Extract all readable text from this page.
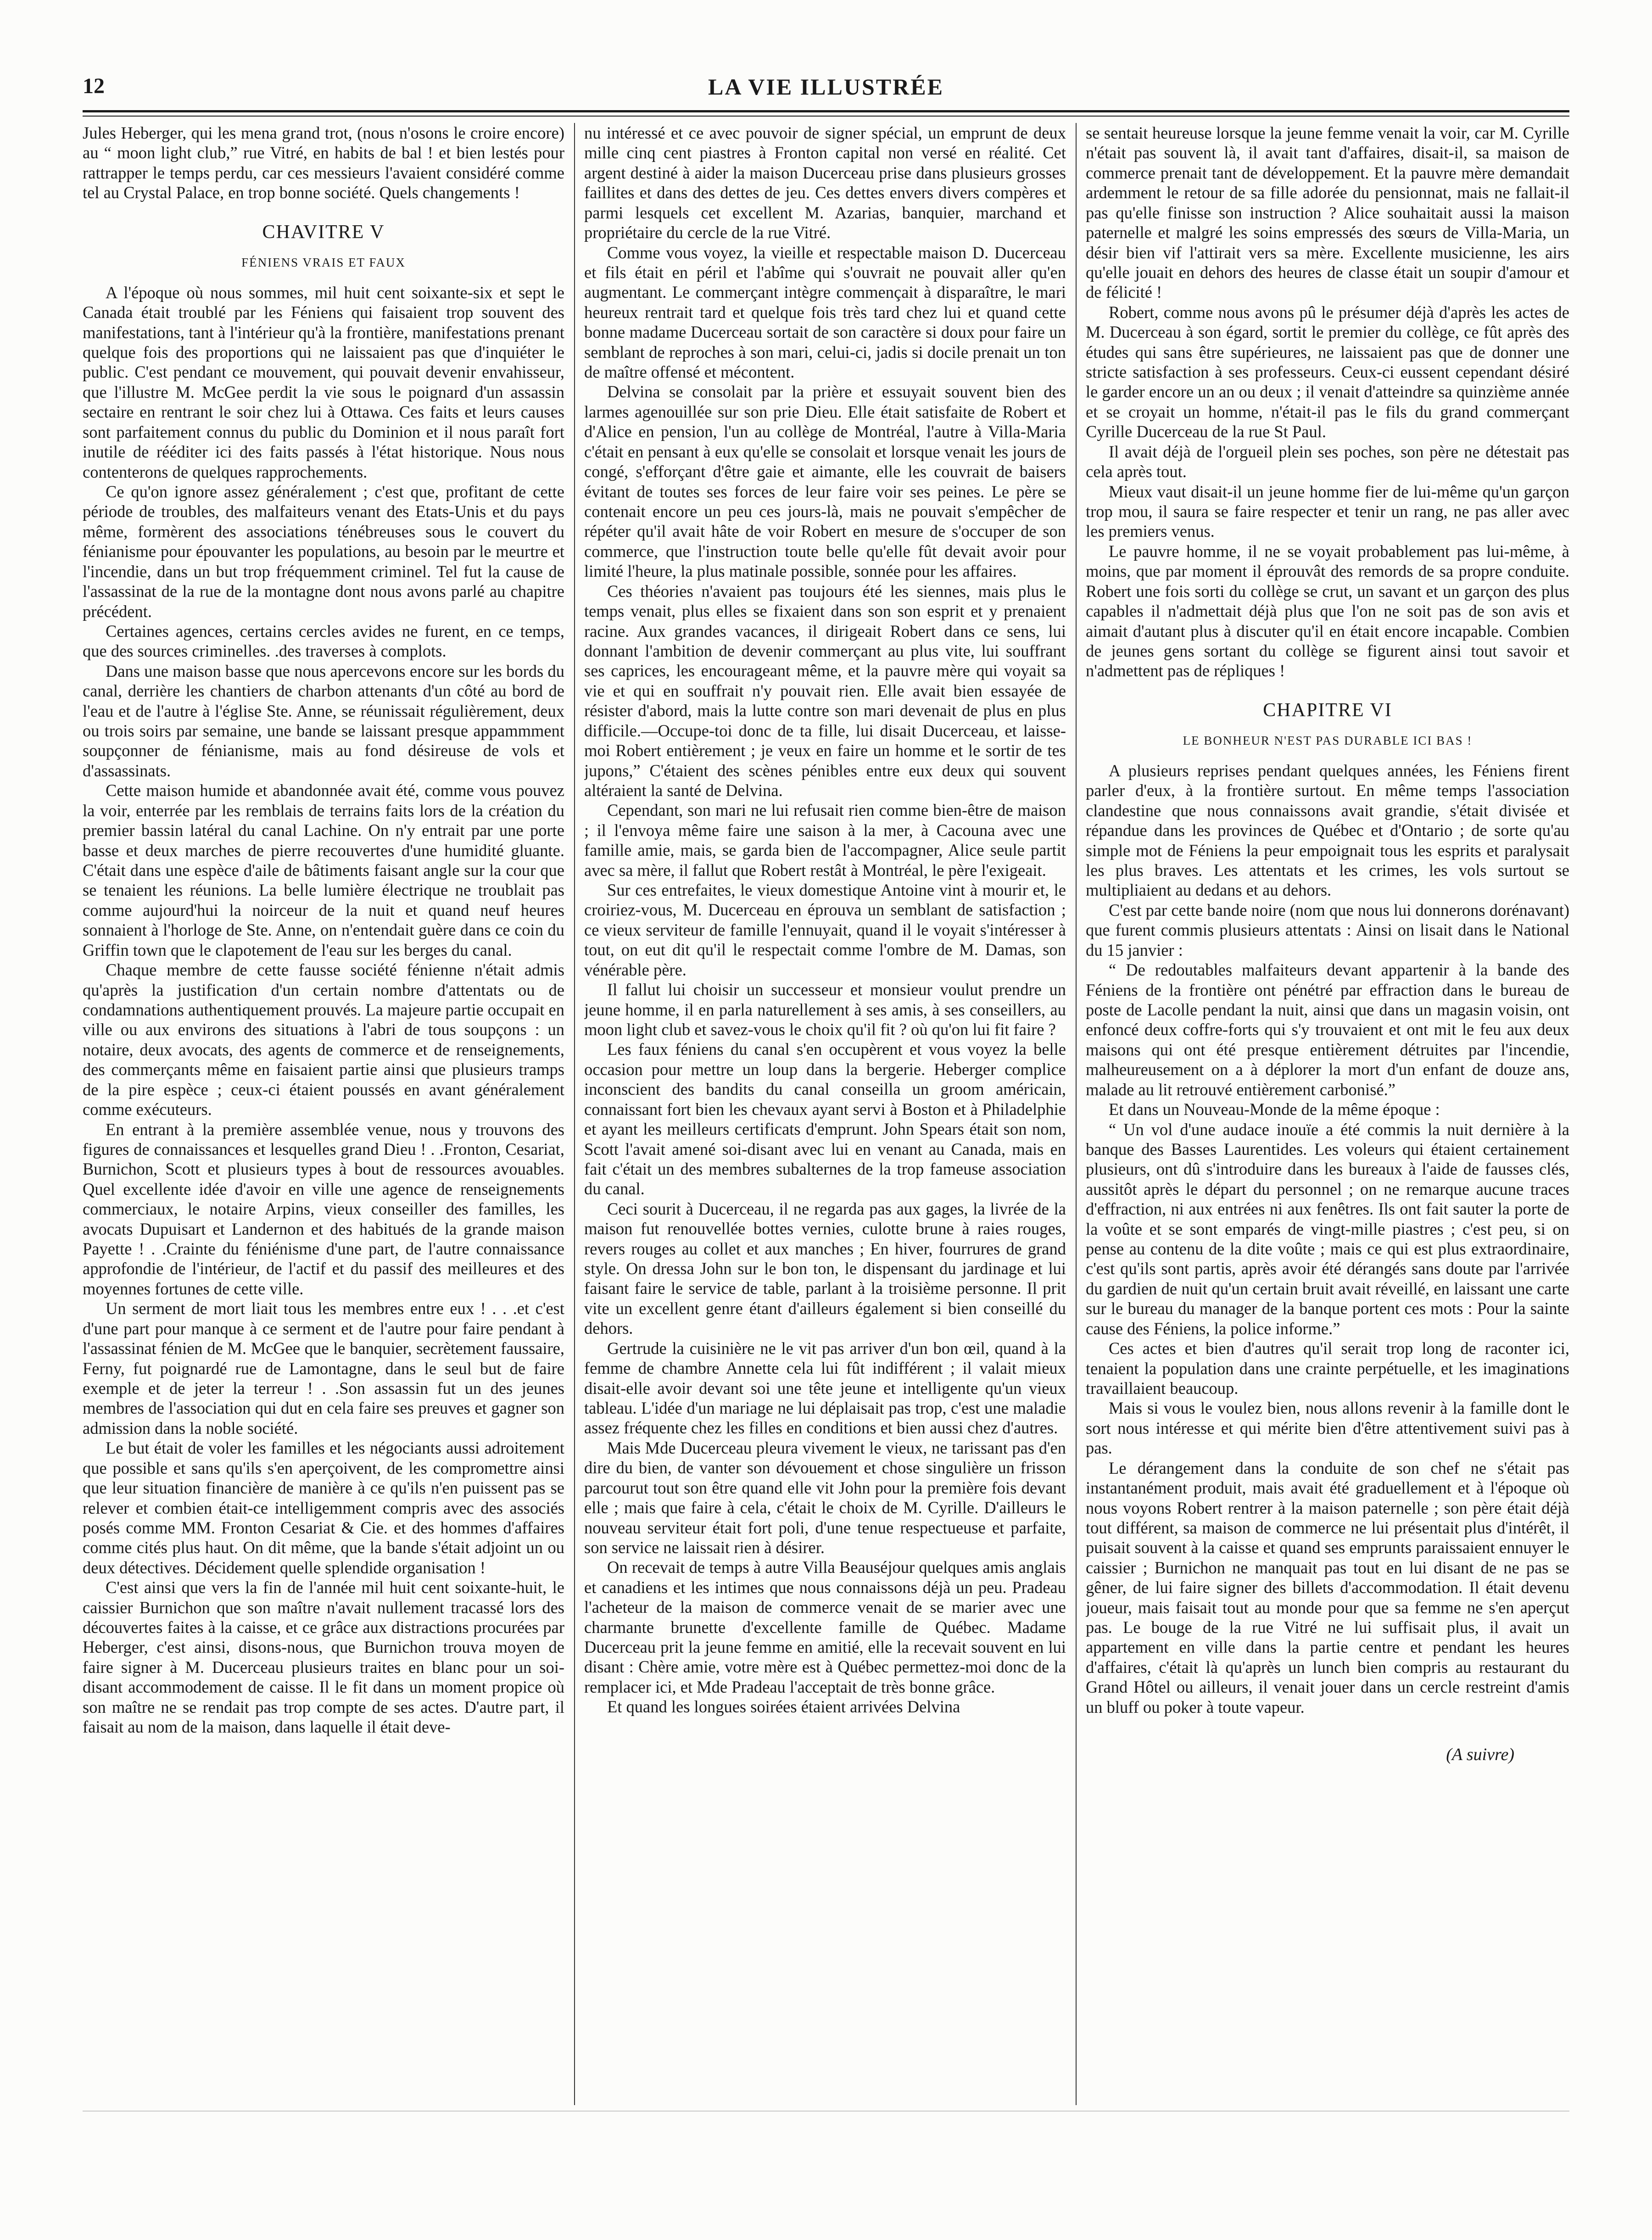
12	LA VIE ILLUSTRÉE

Jules Heberger, qui les mena grand trot, (nous n'osons le croire encore) au “ moon light club,” rue Vitré, en habits de bal ! et bien lestés pour rattrapper le temps perdu, car ces messieurs l'avaient considéré comme tel au Crystal Palace, en trop bonne société. Quels changements !

CHAVITRE V
FÉNIENS VRAIS ET FAUX

A l'époque où nous sommes, mil huit cent soixante-six et sept le Canada était troublé par les Féniens qui faisaient trop souvent des manifestations, tant à l'intérieur qu'à la frontière, manifestations prenant quelque fois des proportions qui ne laissaient pas que d'inquiéter le public. C'est pendant ce mouvement, qui pouvait devenir envahisseur, que l'illustre M. McGee perdit la vie sous le poignard d'un assassin sectaire en rentrant le soir chez lui à Ottawa. Ces faits et leurs causes sont parfaitement connus du public du Dominion et il nous paraît fort inutile de rééditer ici des faits passés à l'état historique. Nous nous contenterons de quelques rapprochements.

Ce qu'on ignore assez généralement ; c'est que, profitant de cette période de troubles, des malfaiteurs venant des Etats-Unis et du pays même, formèrent des associations ténébreuses sous le couvert du fénianisme pour épouvanter les populations, au besoin par le meurtre et l'incendie, dans un but trop fréquemment criminel. Tel fut la cause de l'assassinat de la rue de la montagne dont nous avons parlé au chapitre précédent.

Certaines agences, certains cercles avides ne furent, en ce temps, que des sources criminelles. .des traverses à complots.

Dans une maison basse que nous apercevons encore sur les bords du canal, derrière les chantiers de charbon attenants d'un côté au bord de l'eau et de l'autre à l'église Ste. Anne, se réunissait régulièrement, deux ou trois soirs par semaine, une bande se laissant presque appammment soupçonner de fénianisme, mais au fond désireuse de vols et d'assassinats.

Cette maison humide et abandonnée avait été, comme vous pouvez la voir, enterrée par les remblais de terrains faits lors de la création du premier bassin latéral du canal Lachine. On n'y entrait par une porte basse et deux marches de pierre recouvertes d'une humidité gluante. C'était dans une espèce d'aile de bâtiments faisant angle sur la cour que se tenaient les réunions. La belle lumière électrique ne troublait pas comme aujourd'hui la noirceur de la nuit et quand neuf heures sonnaient à l'horloge de Ste. Anne, on n'entendait guère dans ce coin du Griffin town que le clapotement de l'eau sur les berges du canal.

Chaque membre de cette fausse société fénienne n'était admis qu'après la justification d'un certain nombre d'attentats ou de condamnations authentiquement prouvés. La majeure partie occupait en ville ou aux environs des situations à l'abri de tous soupçons : un notaire, deux avocats, des agents de commerce et de renseignements, des commerçants même en faisaient partie ainsi que plusieurs tramps de la pire espèce ; ceux-ci étaient poussés en avant généralement comme exécuteurs.

En entrant à la première assemblée venue, nous y trouvons des figures de connaissances et lesquelles grand Dieu ! . .Fronton, Cesariat, Burnichon, Scott et plusieurs types à bout de ressources avouables. Quel excellente idée d'avoir en ville une agence de renseignements commerciaux, le notaire Arpins, vieux conseiller des familles, les avocats Dupuisart et Landernon et des habitués de la grande maison Payette ! . .Crainte du féniénisme d'une part, de l'autre connaissance approfondie de l'intérieur, de l'actif et du passif des meilleures et des moyennes fortunes de cette ville.

Un serment de mort liait tous les membres entre eux ! . . .et c'est d'une part pour manque à ce serment et de l'autre pour faire pendant à l'assassinat fénien de M. McGee que le banquier, secrètement faussaire, Ferny, fut poignardé rue de Lamontagne, dans le seul but de faire exemple et de jeter la terreur ! . .Son assassin fut un des jeunes membres de l'association qui dut en cela faire ses preuves et gagner son admission dans la noble société.

Le but était de voler les familles et les négociants aussi adroitement que possible et sans qu'ils s'en aperçoivent, de les compromettre ainsi que leur situation financière de manière à ce qu'ils n'en puissent pas se relever et combien était-ce intelligemment compris avec des associés posés comme MM. Fronton Cesariat & Cie. et des hommes d'affaires comme cités plus haut. On dit même, que la bande s'était adjoint un ou deux détectives. Décidement quelle splendide organisation !

C'est ainsi que vers la fin de l'année mil huit cent soixante-huit, le caissier Burnichon que son maître n'avait nullement tracassé lors des découvertes faites à la caisse, et ce grâce aux distractions procurées par Heberger, c'est ainsi, disons-nous, que Burnichon trouva moyen de faire signer à M. Ducerceau plusieurs traites en blanc pour un soi-disant accommodement de caisse. Il le fit dans un moment propice où son maître ne se rendait pas trop compte de ses actes. D'autre part, il faisait au nom de la maison, dans laquelle il était deve-

nu intéressé et ce avec pouvoir de signer spécial, un emprunt de deux mille cinq cent piastres à Fronton capital non versé en réalité. Cet argent destiné à aider la maison Ducerceau prise dans plusieurs grosses faillites et dans des dettes de jeu. Ces dettes envers divers compères et parmi lesquels cet excellent M. Azarias, banquier, marchand et propriétaire du cercle de la rue Vitré.

Comme vous voyez, la vieille et respectable maison D. Ducerceau et fils était en péril et l'abîme qui s'ouvrait ne pouvait aller qu'en augmentant. Le commerçant intègre commençait à disparaître, le mari heureux rentrait tard et quelque fois très tard chez lui et quand cette bonne madame Ducerceau sortait de son caractère si doux pour faire un semblant de reproches à son mari, celui-ci, jadis si docile prenait un ton de maître offensé et mécontent.

Delvina se consolait par la prière et essuyait souvent bien des larmes agenouillée sur son prie Dieu. Elle était satisfaite de Robert et d'Alice en pension, l'un au collège de Montréal, l'autre à Villa-Maria c'était en pensant à eux qu'elle se consolait et lorsque venait les jours de congé, s'efforçant d'être gaie et aimante, elle les couvrait de baisers évitant de toutes ses forces de leur faire voir ses peines. Le père se contenait encore un peu ces jours-là, mais ne pouvait s'empêcher de répéter qu'il avait hâte de voir Robert en mesure de s'occuper de son commerce, que l'instruction toute belle qu'elle fût devait avoir pour limité l'heure, la plus matinale possible, sonnée pour les affaires.

Ces théories n'avaient pas toujours été les siennes, mais plus le temps venait, plus elles se fixaient dans son son esprit et y prenaient racine. Aux grandes vacances, il dirigeait Robert dans ce sens, lui donnant l'ambition de devenir commerçant au plus vite, lui souffrant ses caprices, les encourageant même, et la pauvre mère qui voyait sa vie et qui en souffrait n'y pouvait rien. Elle avait bien essayée de résister d'abord, mais la lutte contre son mari devenait de plus en plus difficile.—Occupe-toi donc de ta fille, lui disait Ducerceau, et laisse-moi Robert entièrement ; je veux en faire un homme et le sortir de tes jupons,” C'étaient des scènes pénibles entre eux deux qui souvent altéraient la santé de Delvina.

Cependant, son mari ne lui refusait rien comme bien-être de maison ; il l'envoya même faire une saison à la mer, à Cacouna avec une famille amie, mais, se garda bien de l'accompagner, Alice seule partit avec sa mère, il fallut que Robert restât à Montréal, le père l'exigeait.

Sur ces entrefaites, le vieux domestique Antoine vint à mourir et, le croiriez-vous, M. Ducerceau en éprouva un semblant de satisfaction ; ce vieux serviteur de famille l'ennuyait, quand il le voyait s'intéresser à tout, on eut dit qu'il le respectait comme l'ombre de M. Damas, son vénérable père.

Il fallut lui choisir un successeur et monsieur voulut prendre un jeune homme, il en parla naturellement à ses amis, à ses conseillers, au moon light club et savez-vous le choix qu'il fit ? où qu'on lui fit faire ?

Les faux féniens du canal s'en occupèrent et vous voyez la belle occasion pour mettre un loup dans la bergerie. Heberger complice inconscient des bandits du canal conseilla un groom américain, connaissant fort bien les chevaux ayant servi à Boston et à Philadelphie et ayant les meilleurs certificats d'emprunt. John Spears était son nom, Scott l'avait amené soi-disant avec lui en venant au Canada, mais en fait c'était un des membres subalternes de la trop fameuse association du canal.

Ceci sourit à Ducerceau, il ne regarda pas aux gages, la livrée de la maison fut renouvellée bottes vernies, culotte brune à raies rouges, revers rouges au collet et aux manches ; En hiver, fourrures de grand style. On dressa John sur le bon ton, le dispensant du jardinage et lui faisant faire le service de table, parlant à la troisième personne. Il prit vite un excellent genre étant d'ailleurs également si bien conseillé du dehors.

Gertrude la cuisinière ne le vit pas arriver d'un bon œil, quand à la femme de chambre Annette cela lui fût indifférent ; il valait mieux disait-elle avoir devant soi une tête jeune et intelligente qu'un vieux tableau. L'idée d'un mariage ne lui déplaisait pas trop, c'est une maladie assez fréquente chez les filles en conditions et bien aussi chez d'autres.

Mais Mde Ducerceau pleura vivement le vieux, ne tarissant pas d'en dire du bien, de vanter son dévouement et chose singulière un frisson parcourut tout son être quand elle vit John pour la première fois devant elle ; mais que faire à cela, c'était le choix de M. Cyrille. D'ailleurs le nouveau serviteur était fort poli, d'une tenue respectueuse et parfaite, son service ne laissait rien à désirer.

On recevait de temps à autre Villa Beauséjour quelques amis anglais et canadiens et les intimes que nous connaissons déjà un peu. Pradeau l'acheteur de la maison de commerce venait de se marier avec une charmante brunette d'excellente famille de Québec. Madame Ducerceau prit la jeune femme en amitié, elle la recevait souvent en lui disant : Chère amie, votre mère est à Québec permettez-moi donc de la remplacer ici, et Mde Pradeau l'acceptait de très bonne grâce.

Et quand les longues soirées étaient arrivées Delvina

se sentait heureuse lorsque la jeune femme venait la voir, car M. Cyrille n'était pas souvent là, il avait tant d'affaires, disait-il, sa maison de commerce prenait tant de développement. Et la pauvre mère demandait ardemment le retour de sa fille adorée du pensionnat, mais ne fallait-il pas qu'elle finisse son instruction ? Alice souhaitait aussi la maison paternelle et malgré les soins empressés des sœurs de Villa-Maria, un désir bien vif l'attirait vers sa mère. Excellente musicienne, les airs qu'elle jouait en dehors des heures de classe était un soupir d'amour et de félicité !

Robert, comme nous avons pû le présumer déjà d'après les actes de M. Ducerceau à son égard, sortit le premier du collège, ce fût après des études qui sans être supérieures, ne laissaient pas que de donner une stricte satisfaction à ses professeurs. Ceux-ci eussent cependant désiré le garder encore un an ou deux ; il venait d'atteindre sa quinzième année et se croyait un homme, n'était-il pas le fils du grand commerçant Cyrille Ducerceau de la rue St Paul.

Il avait déjà de l'orgueil plein ses poches, son père ne détestait pas cela après tout.

Mieux vaut disait-il un jeune homme fier de lui-même qu'un garçon trop mou, il saura se faire respecter et tenir un rang, ne pas aller avec les premiers venus.

Le pauvre homme, il ne se voyait probablement pas lui-même, à moins, que par moment il éprouvât des remords de sa propre conduite. Robert une fois sorti du collège se crut, un savant et un garçon des plus capables il n'admettait déjà plus que l'on ne soit pas de son avis et aimait d'autant plus à discuter qu'il en était encore incapable. Combien de jeunes gens sortant du collège se figurent ainsi tout savoir et n'admettent pas de répliques !

CHAPITRE VI
LE BONHEUR N'EST PAS DURABLE ICI BAS !

A plusieurs reprises pendant quelques années, les Féniens firent parler d'eux, à la frontière surtout. En même temps l'association clandestine que nous connaissons avait grandie, s'était divisée et répandue dans les provinces de Québec et d'Ontario ; de sorte qu'au simple mot de Féniens la peur empoignait tous les esprits et paralysait les plus braves. Les attentats et les crimes, les vols surtout se multipliaient au dedans et au dehors.

C'est par cette bande noire (nom que nous lui donnerons dorénavant) que furent commis plusieurs attentats : Ainsi on lisait dans le National du 15 janvier :

“ De redoutables malfaiteurs devant appartenir à la bande des Féniens de la frontière ont pénétré par effraction dans le bureau de poste de Lacolle pendant la nuit, ainsi que dans un magasin voisin, ont enfoncé deux coffre-forts qui s'y trouvaient et ont mit le feu aux deux maisons qui ont été presque entièrement détruites par l'incendie, malheureusement on a à déplorer la mort d'un enfant de douze ans, malade au lit retrouvé entièrement carbonisé.”

Et dans un Nouveau-Monde de la même époque :

“ Un vol d'une audace inouïe a été commis la nuit dernière à la banque des Basses Laurentides. Les voleurs qui étaient certainement plusieurs, ont dû s'introduire dans les bureaux à l'aide de fausses clés, aussitôt après le départ du personnel ; on ne remarque aucune traces d'effraction, ni aux entrées ni aux fenêtres. Ils ont fait sauter la porte de la voûte et se sont emparés de vingt-mille piastres ; c'est peu, si on pense au contenu de la dite voûte ; mais ce qui est plus extraordinaire, c'est qu'ils sont partis, après avoir été dérangés sans doute par l'arrivée du gardien de nuit qu'un certain bruit avait réveillé, en laissant une carte sur le bureau du manager de la banque portent ces mots : Pour la sainte cause des Féniens, la police informe.”

Ces actes et bien d'autres qu'il serait trop long de raconter ici, tenaient la population dans une crainte perpétuelle, et les imaginations travaillaient beaucoup.

Mais si vous le voulez bien, nous allons revenir à la famille dont le sort nous intéresse et qui mérite bien d'être attentivement suivi pas à pas.

Le dérangement dans la conduite de son chef ne s'était pas instantanément produit, mais avait été graduellement et à l'époque où nous voyons Robert rentrer à la maison paternelle ; son père était déjà tout différent, sa maison de commerce ne lui présentait plus d'intérêt, il puisait souvent à la caisse et quand ses emprunts paraissaient ennuyer le caissier ; Burnichon ne manquait pas tout en lui disant de ne pas se gêner, de lui faire signer des billets d'accommodation. Il était devenu joueur, mais faisait tout au monde pour que sa femme ne s'en aperçut pas. Le bouge de la rue Vitré ne lui suffisait plus, il avait un appartement en ville dans la partie centre et pendant les heures d'affaires, c'était là qu'après un lunch bien compris au restaurant du Grand Hôtel ou ailleurs, il venait jouer dans un cercle restreint d'amis un bluff ou poker à toute vapeur.

(A suivre)
